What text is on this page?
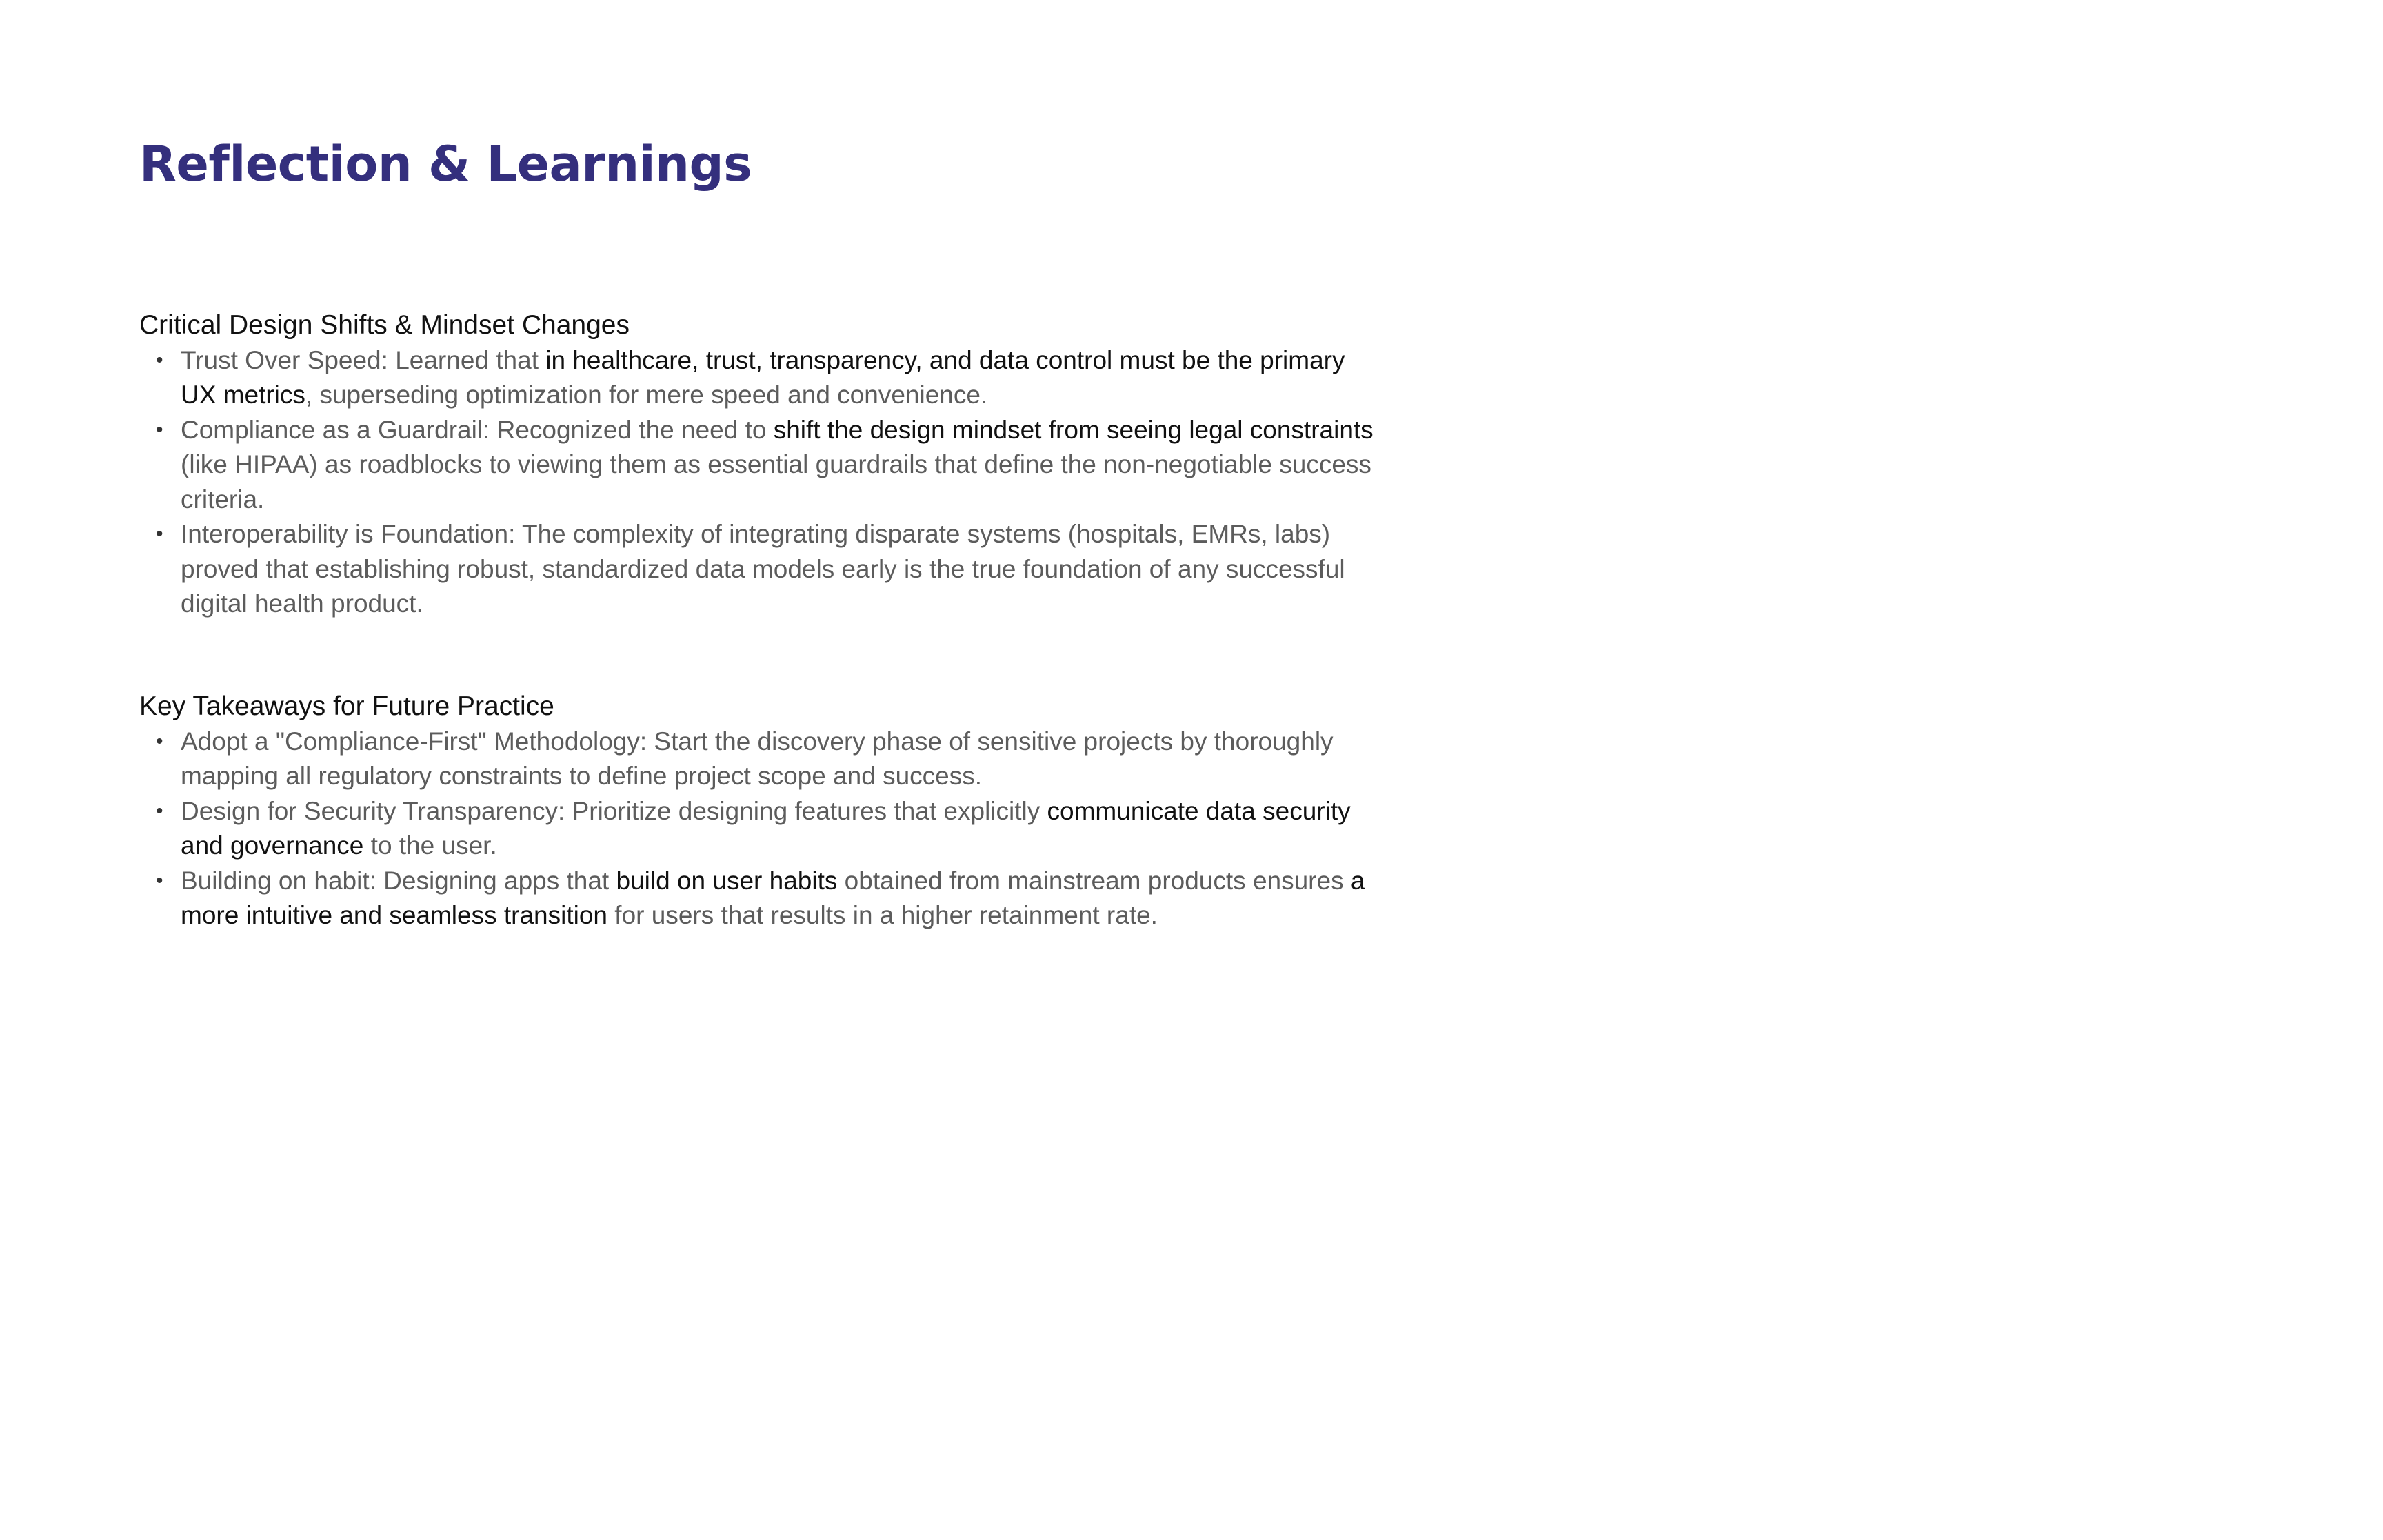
Reflection & Learnings
Critical Design Shifts & Mindset Changes
• Trust Over Speed: Learned that in healthcare, trust, transparency, and data control must be the primary UX metrics, superseding optimization for mere speed and convenience.
• Compliance as a Guardrail: Recognized the need to shift the design mindset from seeing legal constraints (like HIPAA) as roadblocks to viewing them as essential guardrails that define the non-negotiable success criteria.
• Interoperability is Foundation: The complexity of integrating disparate systems (hospitals, EMRs, labs) proved that establishing robust, standardized data models early is the true foundation of any successful digital health product.
Key Takeaways for Future Practice
• Adopt a "Compliance-First" Methodology: Start the discovery phase of sensitive projects by thoroughly mapping all regulatory constraints to define project scope and success.
• Design for Security Transparency: Prioritize designing features that explicitly communicate data security and governance to the user.
• Building on habit: Designing apps that build on user habits obtained from mainstream products ensures a more intuitive and seamless transition for users that results in a higher retainment rate.
